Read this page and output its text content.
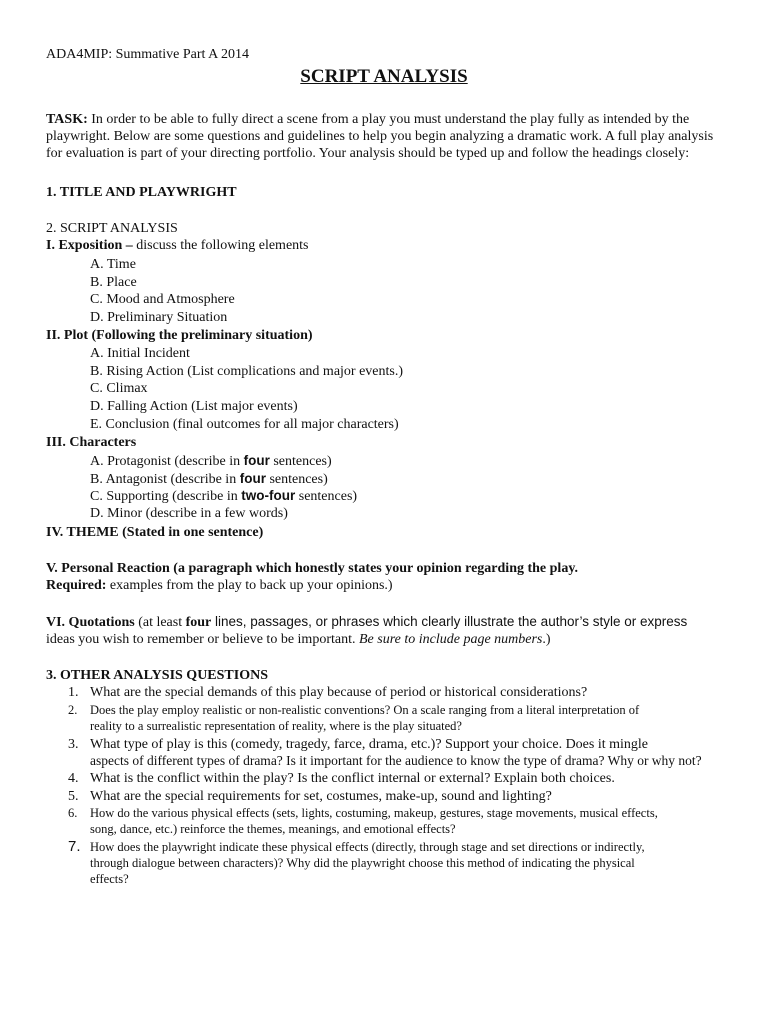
ADA4MIP: Summative Part A 2014
SCRIPT ANALYSIS
TASK: In order to be able to fully direct a scene from a play you must understand the play fully as intended by the
playwright. Below are some questions and guidelines to help you begin analyzing a dramatic work. A full play analysis
for evaluation is part of your directing portfolio. Your analysis should be typed up and follow the headings closely:
1. TITLE AND PLAYWRIGHT
2. SCRIPT ANALYSIS
I. Exposition – discuss the following elements
A. Time
B. Place
C. Mood and Atmosphere
D. Preliminary Situation
II. Plot (Following the preliminary situation)
A. Initial Incident
B. Rising Action (List complications and major events.)
C. Climax
D. Falling Action (List major events)
E. Conclusion (final outcomes for all major characters)
III. Characters
A. Protagonist (describe in four sentences)
B. Antagonist (describe in four sentences)
C. Supporting (describe in two-four sentences)
D. Minor (describe in a few words)
IV. THEME (Stated in one sentence)
V. Personal Reaction (a paragraph which honestly states your opinion regarding the play.
Required: examples from the play to back up your opinions.)
VI. Quotations (at least four lines, passages, or phrases which clearly illustrate the author’s style or express
ideas you wish to remember or believe to be important. Be sure to include page numbers.)
3. OTHER ANALYSIS QUESTIONS
1. What are the special demands of this play because of period or historical considerations?
2. Does the play employ realistic or non-realistic conventions? On a scale ranging from a literal interpretation of
reality to a surrealistic representation of reality, where is the play situated?
3. What type of play is this (comedy, tragedy, farce, drama, etc.)? Support your choice. Does it mingle
aspects of different types of drama? Is it important for the audience to know the type of drama? Why or why not?
4. What is the conflict within the play? Is the conflict internal or external? Explain both choices.
5. What are the special requirements for set, costumes, make-up, sound and lighting?
6. How do the various physical effects (sets, lights, costuming, makeup, gestures, stage movements, musical effects,
song, dance, etc.) reinforce the themes, meanings, and emotional effects?
7. How does the playwright indicate these physical effects (directly, through stage and set directions or indirectly,
through dialogue between characters)? Why did the playwright choose this method of indicating the physical
effects?
